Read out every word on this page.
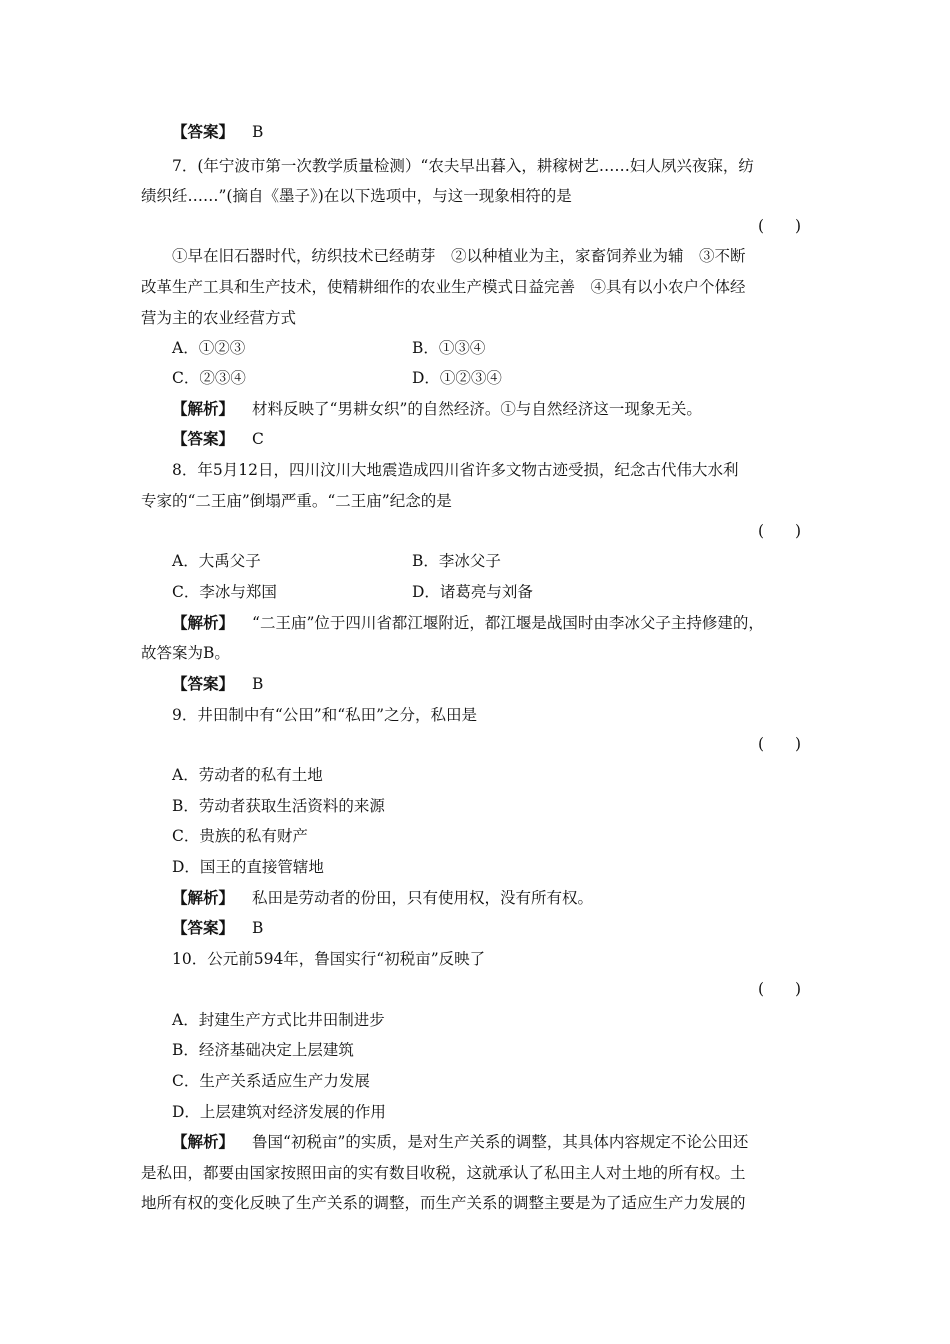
【答案】 B
7．(年宁波市第一次教学质量检测）“农夫早出暮入，耕稼树艺……妇人夙兴夜寐，纺
绩织纴……”(摘自《墨子》)在以下选项中，与这一现象相符的是
(　　)
①早在旧石器时代，纺织技术已经萌芽　②以种植业为主，家畜饲养业为辅　③不断
改革生产工具和生产技术，使精耕细作的农业生产模式日益完善　④具有以小农户个体经
营为主的农业经营方式
A．①②③	B．①③④
C．②③④	D．①②③④
【解析】 材料反映了“男耕女织”的自然经济。①与自然经济这一现象无关。
【答案】 C
8．年5月12日，四川汶川大地震造成四川省许多文物古迹受损，纪念古代伟大水利
专家的“二王庙”倒塌严重。“二王庙”纪念的是
(　　)
A．大禹父子	B．李冰父子
C．李冰与郑国	D．诸葛亮与刘备
【解析】 “二王庙”位于四川省都江堰附近，都江堰是战国时由李冰父子主持修建的，
故答案为B。
【答案】 B
9．井田制中有“公田”和“私田”之分，私田是
(　　)
A．劳动者的私有土地
B．劳动者获取生活资料的来源
C．贵族的私有财产
D．国王的直接管辖地
【解析】 私田是劳动者的份田，只有使用权，没有所有权。
【答案】 B
10．公元前594年，鲁国实行“初税亩”反映了
(　　)
A．封建生产方式比井田制进步
B．经济基础决定上层建筑
C．生产关系适应生产力发展
D．上层建筑对经济发展的作用
【解析】 鲁国“初税亩”的实质，是对生产关系的调整，其具体内容规定不论公田还
是私田，都要由国家按照田亩的实有数目收税，这就承认了私田主人对土地的所有权。土
地所有权的变化反映了生产关系的调整，而生产关系的调整主要是为了适应生产力发展的
